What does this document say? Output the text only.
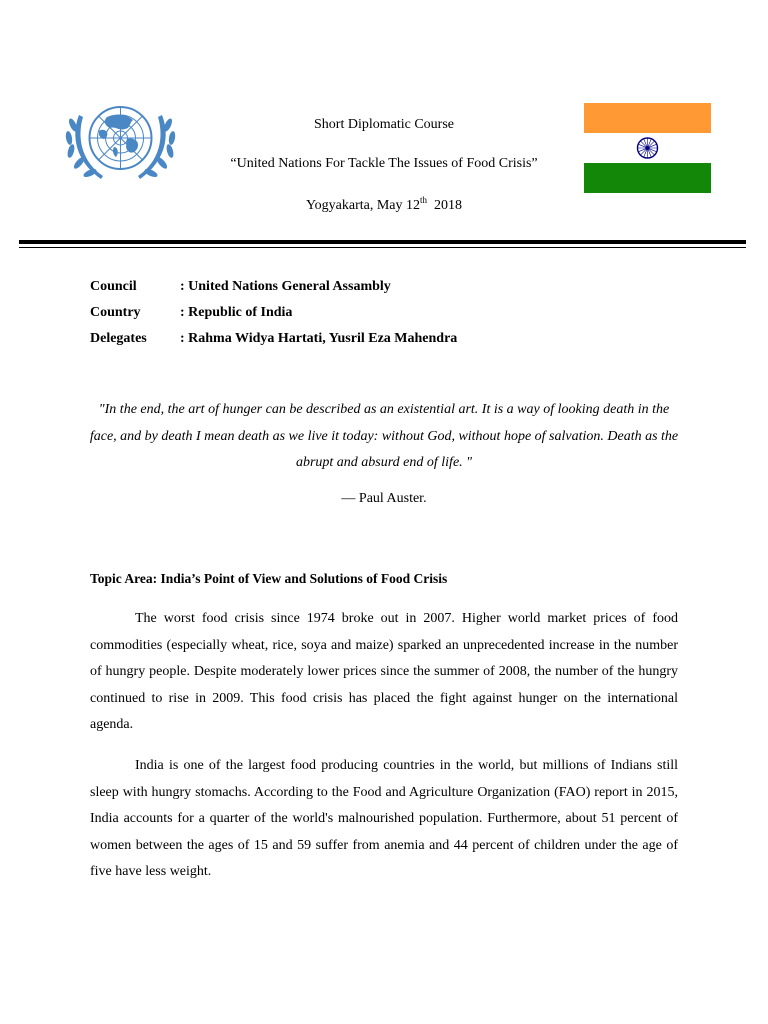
Short Diplomatic Course
“United Nations For Tackle The Issues of Food Crisis”
Yogyakarta, May 12th 2018
Council	: United Nations General Assambly
Country	: Republic of India
Delegates : Rahma Widya Hartati, Yusril Eza Mahendra
"In the end, the art of hunger can be described as an existential art. It is a way of looking death in the face, and by death I mean death as we live it today: without God, without hope of salvation. Death as the abrupt and absurd end of life. "
― Paul Auster.
Topic Area: India’s Point of View and Solutions of Food Crisis

The worst food crisis since 1974 broke out in 2007. Higher world market prices of food commodities (especially wheat, rice, soya and maize) sparked an unprecedented increase in the number of hungry people. Despite moderately lower prices since the summer of 2008, the number of the hungry continued to rise in 2009. This food crisis has placed the fight against hunger on the international agenda.

India is one of the largest food producing countries in the world, but millions of Indians still sleep with hungry stomachs. According to the Food and Agriculture Organization (FAO) report in 2015, India accounts for a quarter of the world's malnourished population. Furthermore, about 51 percent of women between the ages of 15 and 59 suffer from anemia and 44 percent of children under the age of five have less weight.
